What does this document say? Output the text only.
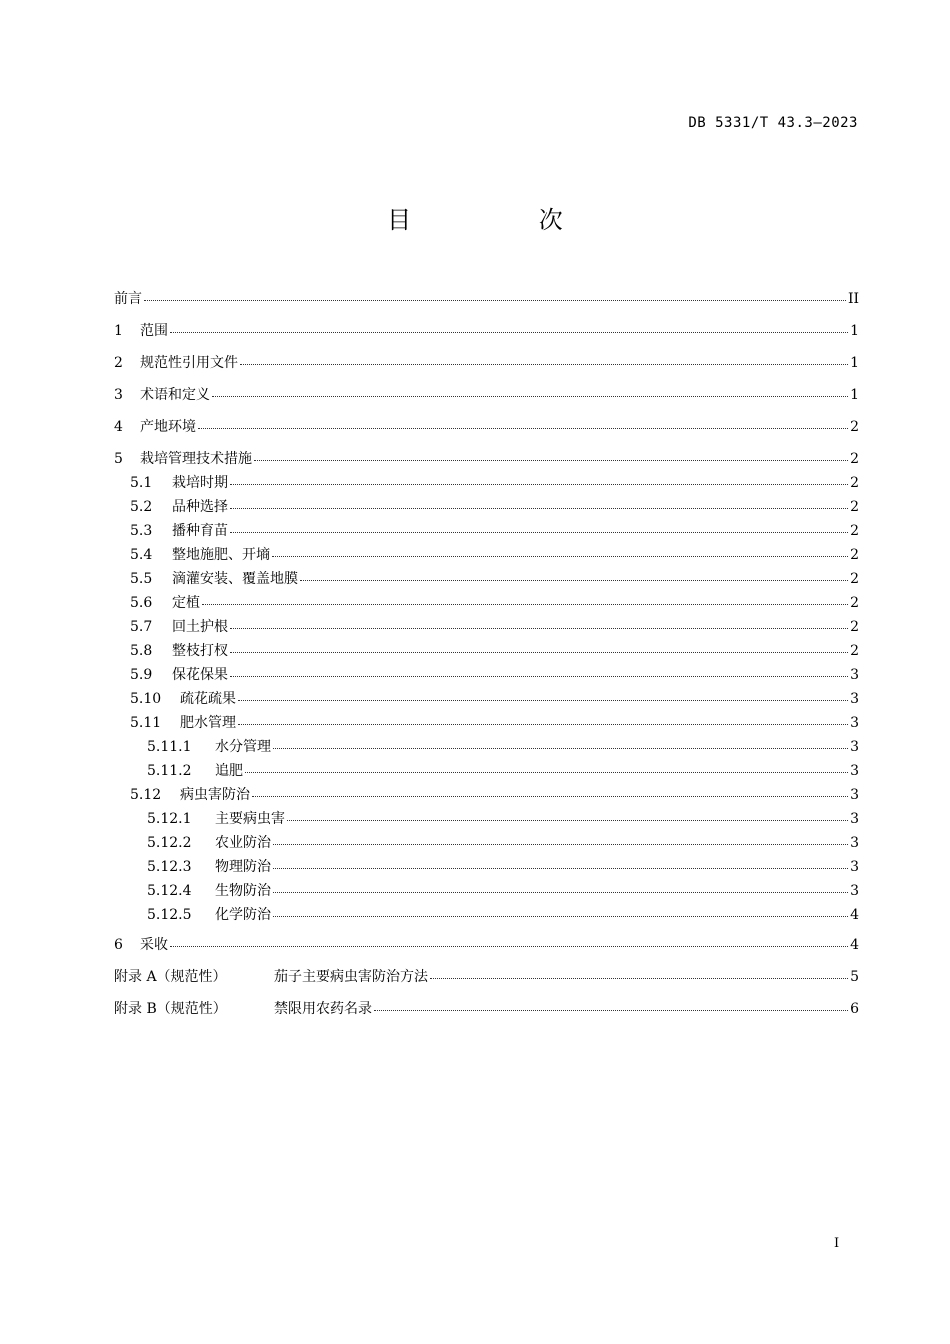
DB 5331/T 43.3—2023
目 次
前言	II
1	范围	1
2	规范性引用文件	1
3	术语和定义	1
4	产地环境	2
5	栽培管理技术措施	2
5.1	栽培时期	2
5.2	品种选择	2
5.3	播种育苗	2
5.4	整地施肥、开墒	2
5.5	滴灌安装、覆盖地膜	2
5.6	定植	2
5.7	回土护根	2
5.8	整枝打杈	2
5.9	保花保果	3
5.10	疏花疏果	3
5.11	肥水管理	3
5.11.1	水分管理	3
5.11.2	追肥	3
5.12	病虫害防治	3
5.12.1	主要病虫害	3
5.12.2	农业防治	3
5.12.3	物理防治	3
5.12.4	生物防治	3
5.12.5	化学防治	4
6	采收	4
附录 A（规范性）	茄子主要病虫害防治方法	5
附录 B（规范性）	禁限用农药名录	6
I
